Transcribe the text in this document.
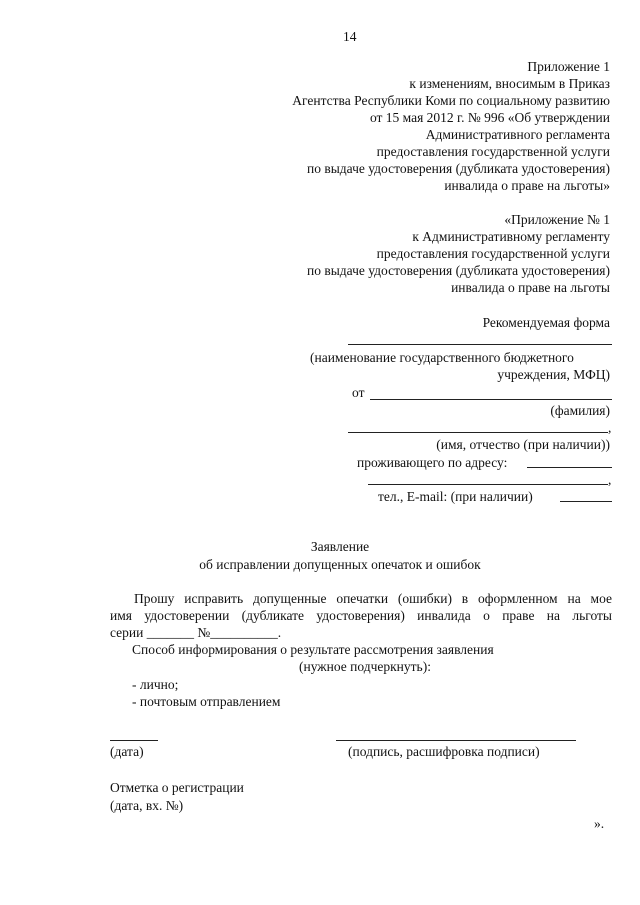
14
Приложение 1
к изменениям, вносимым в Приказ
Агентства Республики Коми по социальному развитию
от 15 мая 2012 г. № 996 «Об утверждении
Административного регламента
предоставления государственной услуги
по выдаче удостоверения (дубликата удостоверения)
инвалида о праве на льготы»
«Приложение № 1
к Административному регламенту
предоставления государственной услуги
по выдаче удостоверения (дубликата удостоверения)
инвалида о праве на льготы
Рекомендуемая форма
(наименование государственного бюджетного
учреждения, МФЦ)
от
(фамилия)
,
(имя, отчество (при наличии))
проживающего по адресу:
,
тел., E-mail: (при наличии)
Заявление
об исправлении допущенных опечаток и ошибок
Прошу исправить допущенные опечатки (ошибки) в оформленном на мое
имя удостоверении (дубликате удостоверения) инвалида о праве на льготы
серии _______ №__________.
Способ информирования о результате рассмотрения заявления
(нужное подчеркнуть):
- лично;
- почтовым отправлением
(дата)	(подпись, расшифровка подписи)
Отметка о регистрации
(дата, вх. №)
».
